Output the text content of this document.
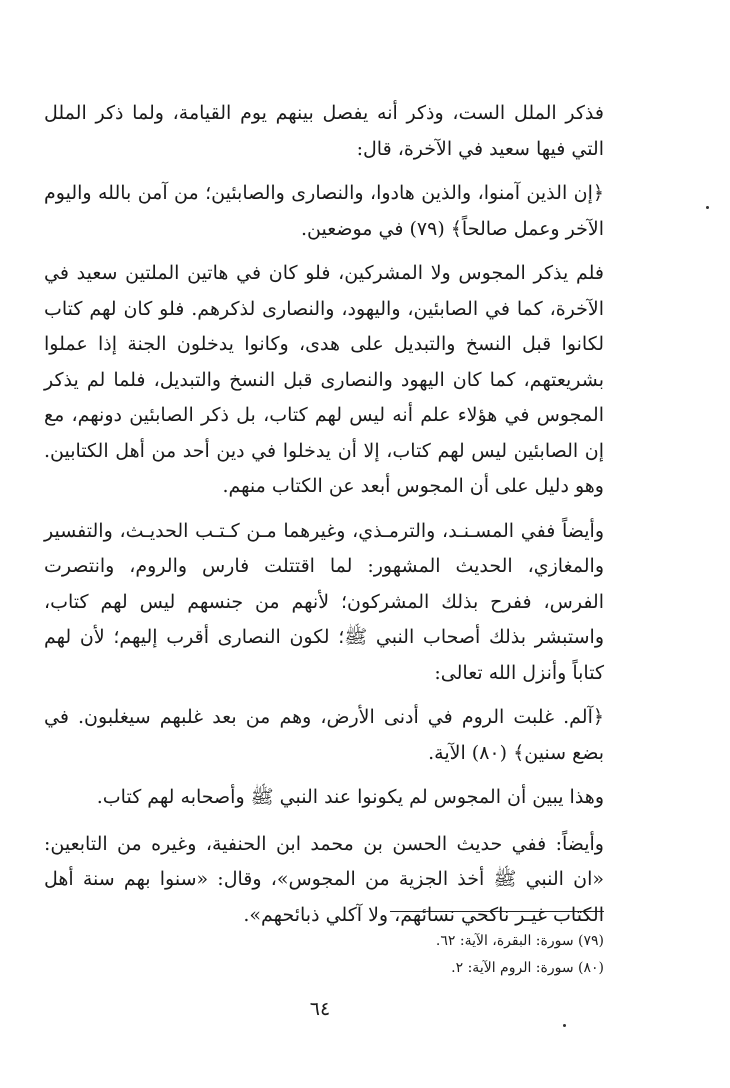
فذكر الملل الست، وذكر أنه يفصل بينهم يوم القيامة، ولما ذكر الملل التي فيها سعيد في الآخرة، قال:

﴿إن الذين آمنوا، والذين هادوا، والنصارى والصابئين؛ من آمن بالله واليوم الآخر وعمل صالحاً﴾ (٧٩) في موضعين.

فلم يذكر المجوس ولا المشركين، فلو كان في هاتين الملتين سعيد في الآخرة، كما في الصابئين، واليهود، والنصارى لذكرهم. فلو كان لهم كتاب لكانوا قبل النسخ والتبديل على هدى، وكانوا يدخلون الجنة إذا عملوا بشريعتهم، كما كان اليهود والنصارى قبل النسخ والتبديل، فلما لم يذكر المجوس في هؤلاء علم أنه ليس لهم كتاب، بل ذكر الصابئين دونهم، مع إن الصابئين ليس لهم كتاب، إلا أن يدخلوا في دين أحد من أهل الكتابين. وهو دليل على أن المجوس أبعد عن الكتاب منهم.

وأيضاً ففي المسـنـد، والترمـذي، وغيرهما مـن كـتـب الحديـث، والتفسير والمغازي، الحديث المشهور: لما اقتتلت فارس والروم، وانتصرت الفرس، ففرح بذلك المشركون؛ لأنهم من جنسهم ليس لهم كتاب، واستبشر بذلك أصحاب النبي ﷺ؛ لكون النصارى أقرب إليهم؛ لأن لهم كتاباً وأنزل الله تعالى:

﴿آلم. غلبت الروم في أدنى الأرض، وهم من بعد غلبهم سيغلبون. في بضع سنين﴾ (٨٠) الآية.

وهذا يبين أن المجوس لم يكونوا عند النبي ﷺ وأصحابه لهم كتاب.

وأيضاً: ففي حديث الحسن بن محمد ابن الحنفية، وغيره من التابعين: «ان النبي ﷺ أخذ الجزية من المجوس»، وقال: «سنوا بهم سنة أهل الكتاب غيـر ناكحي نسائهم، ولا آكلي ذبائحهم».

(٧٩) سورة: البقرة، الآية: ٦٢.
(٨٠) سورة: الروم الآية: ٢.
٦٤
